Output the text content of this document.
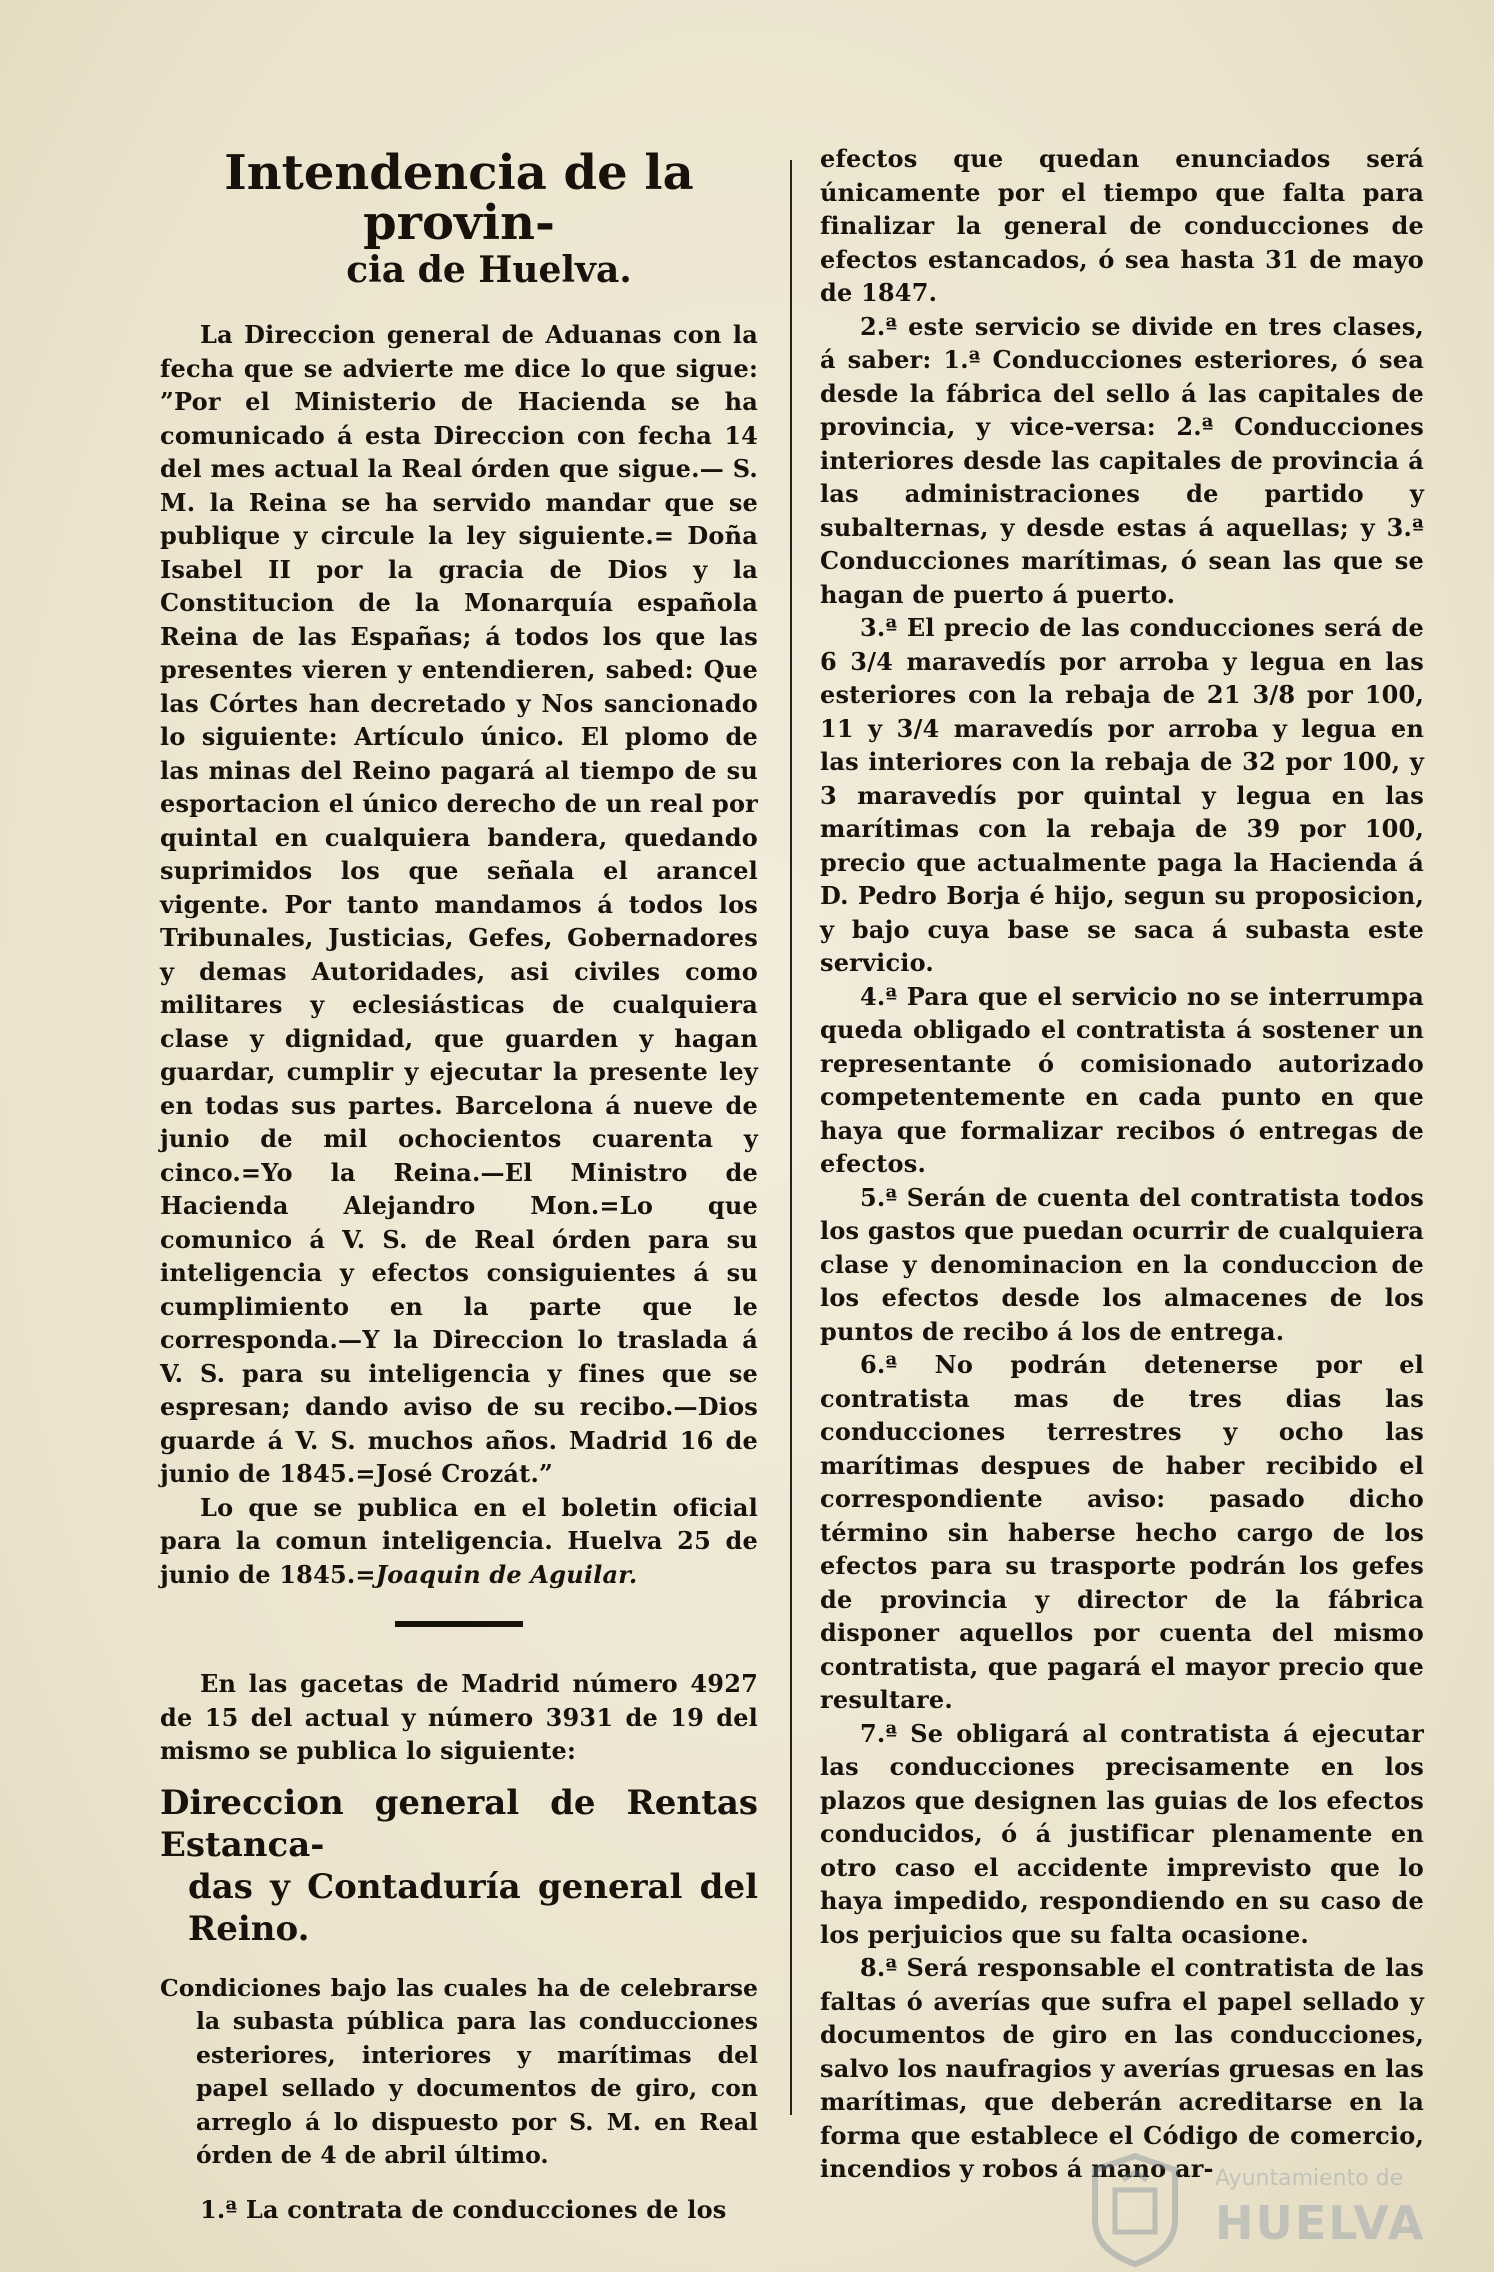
Intendencia de la provin-
cia de Huelva.

La Direccion general de Aduanas con la fecha que se advierte me dice lo que sigue: ”Por el Ministerio de Hacienda se ha comunicado á esta Direccion con fecha 14 del mes actual la Real órden que sigue.— S. M. la Reina se ha servido mandar que se publique y circule la ley siguiente.= Doña Isabel II por la gracia de Dios y la Constitucion de la Monarquía española Reina de las Españas; á todos los que las presentes vieren y entendieren, sabed: Que las Córtes han decretado y Nos sancionado lo siguiente: Artículo único. El plomo de las minas del Reino pagará al tiempo de su esportacion el único derecho de un real por quintal en cualquiera bandera, quedando suprimidos los que señala el arancel vigente. Por tanto mandamos á todos los Tribunales, Justicias, Gefes, Gobernadores y demas Autoridades, asi civiles como militares y eclesiásticas de cualquiera clase y dignidad, que guarden y hagan guardar, cumplir y ejecutar la presente ley en todas sus partes. Barcelona á nueve de junio de mil ochocientos cuarenta y cinco.=Yo la Reina.—El Ministro de Hacienda Alejandro Mon.=Lo que comunico á V. S. de Real órden para su inteligencia y efectos consiguientes á su cumplimiento en la parte que le corresponda.—Y la Direccion lo traslada á V. S. para su inteligencia y fines que se espresan; dando aviso de su recibo.—Dios guarde á V. S. muchos años. Madrid 16 de junio de 1845.=José Crozát.”

Lo que se publica en el boletin oficial para la comun inteligencia. Huelva 25 de junio de 1845.=Joaquin de Aguilar.

En las gacetas de Madrid número 4927 de 15 del actual y número 3931 de 19 del mismo se publica lo siguiente:

Direccion general de Rentas Estanca-
das y Contaduría general del Reino.

Condiciones bajo las cuales ha de celebrarse la subasta pública para las conducciones esteriores, interiores y marítimas del papel sellado y documentos de giro, con arreglo á lo dispuesto por S. M. en Real órden de 4 de abril último.

1.ª La contrata de conducciones de los

efectos que quedan enunciados será únicamente por el tiempo que falta para finalizar la general de conducciones de efectos estancados, ó sea hasta 31 de mayo de 1847.

2.ª este servicio se divide en tres clases, á saber: 1.ª Conducciones esteriores, ó sea desde la fábrica del sello á las capitales de provincia, y vice-versa: 2.ª Conducciones interiores desde las capitales de provincia á las administraciones de partido y subalternas, y desde estas á aquellas; y 3.ª Conducciones marítimas, ó sean las que se hagan de puerto á puerto.

3.ª El precio de las conducciones será de 6 3/4 maravedís por arroba y legua en las esteriores con la rebaja de 21 3/8 por 100, 11 y 3/4 maravedís por arroba y legua en las interiores con la rebaja de 32 por 100, y 3 maravedís por quintal y legua en las marítimas con la rebaja de 39 por 100, precio que actualmente paga la Hacienda á D. Pedro Borja é hijo, segun su proposicion, y bajo cuya base se saca á subasta este servicio.

4.ª Para que el servicio no se interrumpa queda obligado el contratista á sostener un representante ó comisionado autorizado competentemente en cada punto en que haya que formalizar recibos ó entregas de efectos.

5.ª Serán de cuenta del contratista todos los gastos que puedan ocurrir de cualquiera clase y denominacion en la conduccion de los efectos desde los almacenes de los puntos de recibo á los de entrega.

6.ª No podrán detenerse por el contratista mas de tres dias las conducciones terrestres y ocho las marítimas despues de haber recibido el correspondiente aviso: pasado dicho término sin haberse hecho cargo de los efectos para su trasporte podrán los gefes de provincia y director de la fábrica disponer aquellos por cuenta del mismo contratista, que pagará el mayor precio que resultare.

7.ª Se obligará al contratista á ejecutar las conducciones precisamente en los plazos que designen las guias de los efectos conducidos, ó á justificar plenamente en otro caso el accidente imprevisto que lo haya impedido, respondiendo en su caso de los perjuicios que su falta ocasione.

8.ª Será responsable el contratista de las faltas ó averías que sufra el papel sellado y documentos de giro en las conducciones, salvo los naufragios y averías gruesas en las marítimas, que deberán acreditarse en la forma que establece el Código de comercio, incendios y robos á mano ar- Ayuntamiento de
HUELVA
